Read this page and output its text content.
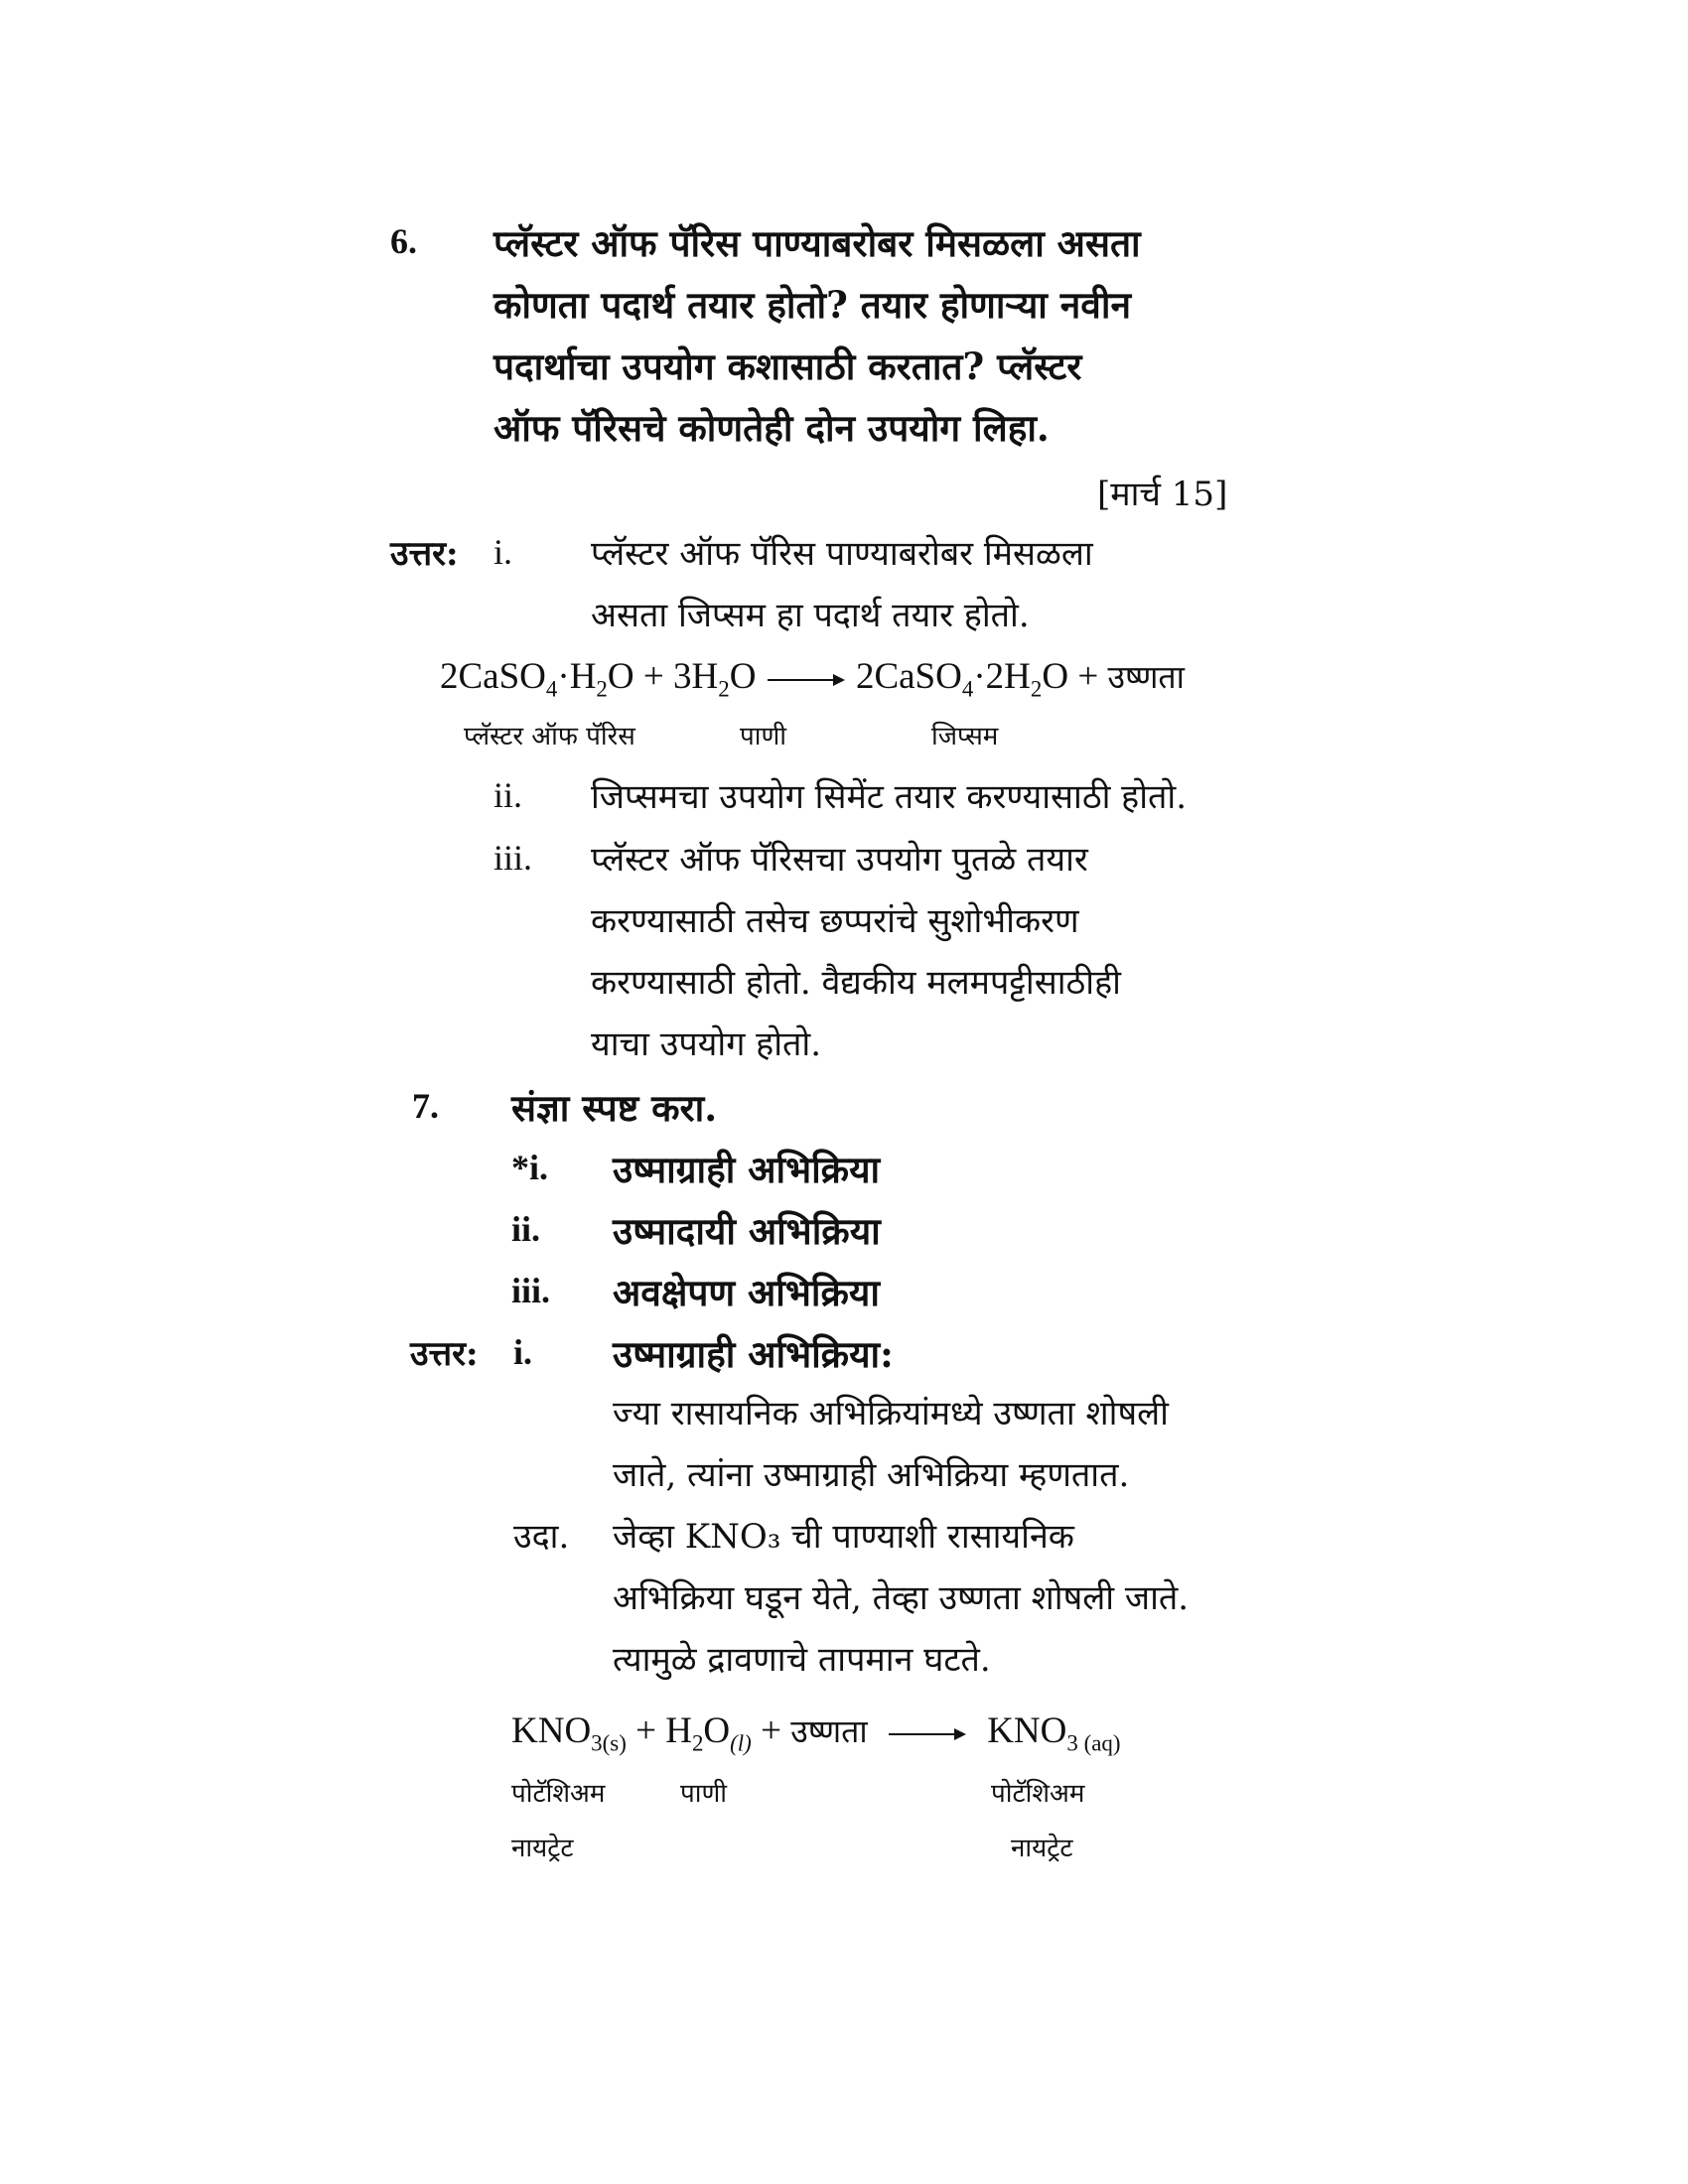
6. प्लॅस्टर ऑफ पॅरिस पाण्याबरोबर मिसळला असता
कोणता पदार्थ तयार होतो? तयार होणाऱ्या नवीन
पदार्थाचा उपयोग कशासाठी करतात? प्लॅस्टर
ऑफ पॅरिसचे कोणतेही दोन उपयोग लिहा.
[मार्च 15]
उत्तर: i. प्लॅस्टर ऑफ पॅरिस पाण्याबरोबर मिसळला
असता जिप्सम हा पदार्थ तयार होतो.
$2CaSO_4\cdot H_2O + 3H_2O$ → $2CaSO_4\cdot 2H_2O$ + उष्णता
प्लॅस्टर ऑफ पॅरिस	पाणी	जिप्सम
ii. जिप्समचा उपयोग सिमेंट तयार करण्यासाठी होतो.
iii. प्लॅस्टर ऑफ पॅरिसचा उपयोग पुतळे तयार
करण्यासाठी तसेच छप्परांचे सुशोभीकरण
करण्यासाठी होतो. वैद्यकीय मलमपट्टीसाठीही
याचा उपयोग होतो.
7. संज्ञा स्पष्ट करा.
*i. उष्माग्राही अभिक्रिया
ii. उष्मादायी अभिक्रिया
iii. अवक्षेपण अभिक्रिया
उत्तर: i. उष्माग्राही अभिक्रिया:
ज्या रासायनिक अभिक्रियांमध्ये उष्णता शोषली
जाते, त्यांना उष्माग्राही अभिक्रिया म्हणतात.
उदा. जेव्हा KNO₃ ची पाण्याशी रासायनिक
अभिक्रिया घडून येते, तेव्हा उष्णता शोषली जाते.
त्यामुळे द्रावणाचे तापमान घटते.
$KNO_{3(s)} + H_2O_{(l)}$ + उष्णता → $KNO_{3 (aq)}$
पोटॅशिअम	पाणी	पोटॅशिअम
नायट्रेट	नायट्रेट
